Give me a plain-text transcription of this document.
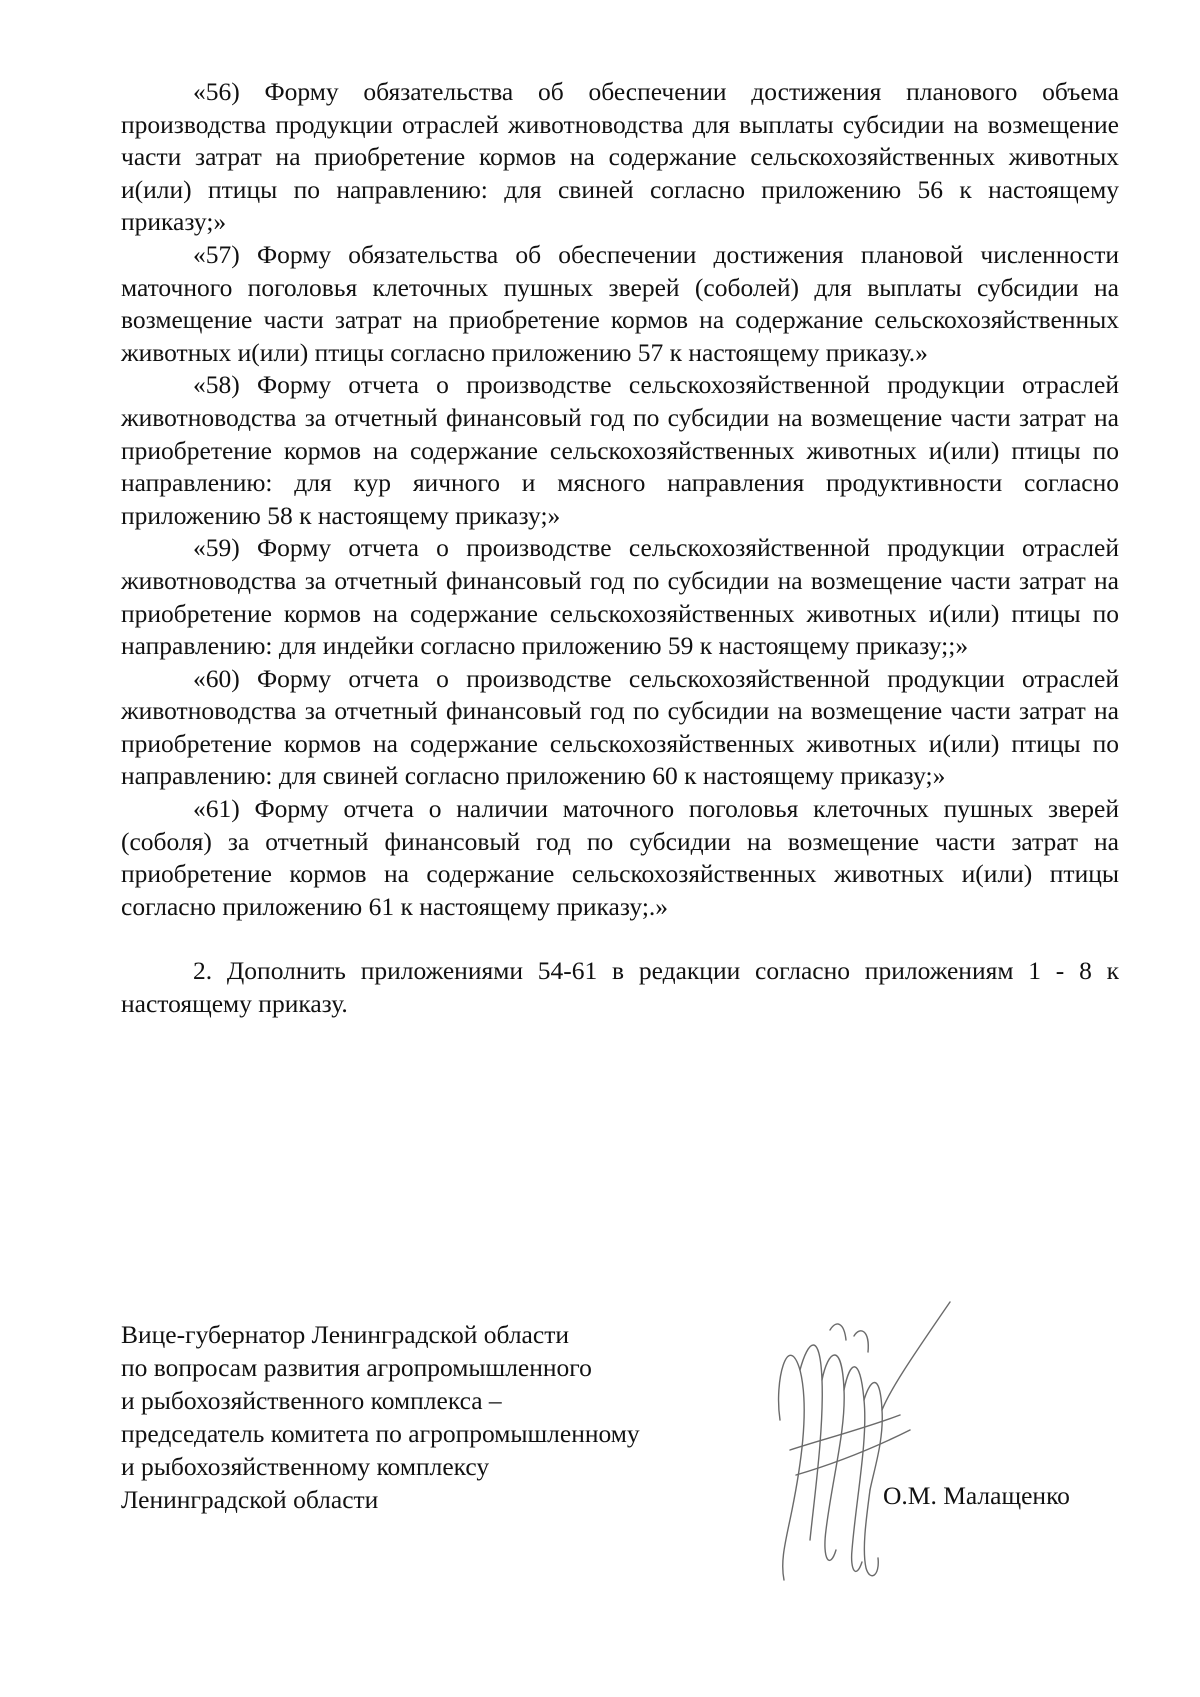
«56) Форму обязательства об обеспечении достижения планового объема производства продукции отраслей животноводства для выплаты субсидии на возмещение части затрат на приобретение кормов на содержание сельскохозяйственных животных и(или) птицы по направлению: для свиней согласно приложению 56 к настоящему приказу;»

«57) Форму обязательства об обеспечении достижения плановой численности маточного поголовья клеточных пушных зверей (соболей) для выплаты субсидии на возмещение части затрат на приобретение кормов на содержание сельскохозяйственных животных и(или) птицы согласно приложению 57 к настоящему приказу.»

«58) Форму отчета о производстве сельскохозяйственной продукции отраслей животноводства за отчетный финансовый год по субсидии на возмещение части затрат на приобретение кормов на содержание сельскохозяйственных животных и(или) птицы по направлению: для кур яичного и мясного направления продуктивности согласно приложению 58 к настоящему приказу;»

«59) Форму отчета о производстве сельскохозяйственной продукции отраслей животноводства за отчетный финансовый год по субсидии на возмещение части затрат на приобретение кормов на содержание сельскохозяйственных животных и(или) птицы по направлению: для индейки согласно приложению 59 к настоящему приказу;;»

«60) Форму отчета о производстве сельскохозяйственной продукции отраслей животноводства за отчетный финансовый год по субсидии на возмещение части затрат на приобретение кормов на содержание сельскохозяйственных животных и(или) птицы по направлению: для свиней согласно приложению 60 к настоящему приказу;»

«61) Форму отчета о наличии маточного поголовья клеточных пушных зверей (соболя) за отчетный финансовый год по субсидии на возмещение части затрат на приобретение кормов на содержание сельскохозяйственных животных и(или) птицы согласно приложению 61 к настоящему приказу;.»

2. Дополнить приложениями 54-61 в редакции согласно приложениям 1 - 8 к настоящему приказу.

Вице-губернатор Ленинградской области
по вопросам развития агропромышленного
и рыбохозяйственного комплекса –
председатель комитета по агропромышленному
и рыбохозяйственному комплексу
Ленинградской области	О.М. Малащенко
